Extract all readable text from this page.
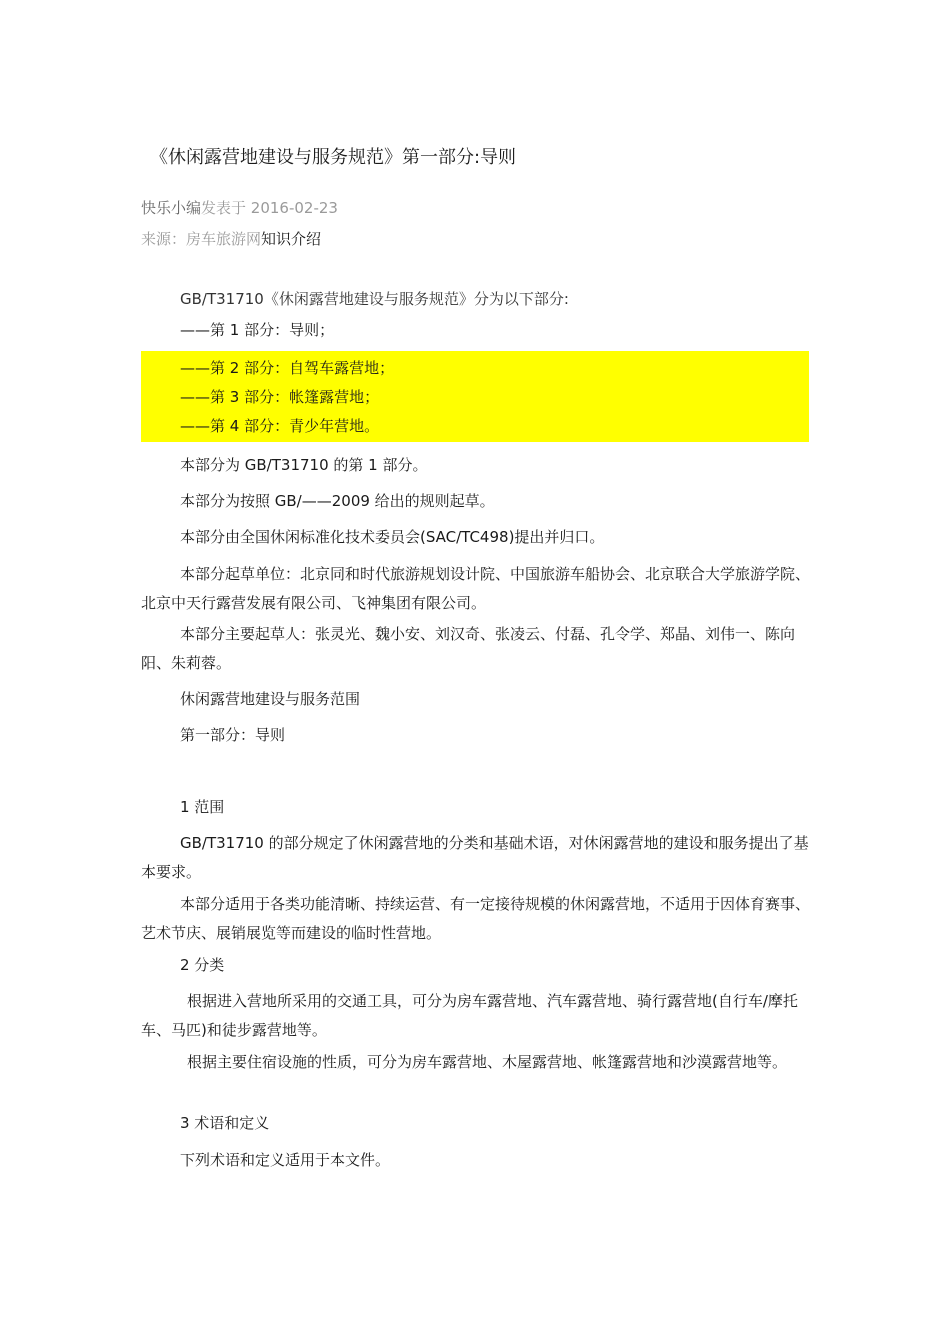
《休闲露营地建设与服务规范》第一部分:导则
快乐小编发表于 2016-02-23
来源：房车旅游网知识介绍
GB/T31710《休闲露营地建设与服务规范》分为以下部分:
——第 1 部分：导则；
——第 2 部分：自驾车露营地；
——第 3 部分：帐篷露营地；
——第 4 部分：青少年营地。
本部分为 GB/T31710 的第 1 部分。
本部分为按照 GB/——2009 给出的规则起草。
本部分由全国休闲标准化技术委员会(SAC/TC498)提出并归口。
本部分起草单位：北京同和时代旅游规划设计院、中国旅游车船协会、北京联合大学旅游学院、北京中天行露营发展有限公司、飞神集团有限公司。
本部分主要起草人：张灵光、魏小安、刘汉奇、张凌云、付磊、孔令学、郑晶、刘伟一、陈向阳、朱莉蓉。
休闲露营地建设与服务范围
第一部分：导则
1 范围
GB/T31710 的部分规定了休闲露营地的分类和基础术语，对休闲露营地的建设和服务提出了基本要求。
本部分适用于各类功能清晰、持续运营、有一定接待规模的休闲露营地，不适用于因体育赛事、艺术节庆、展销展览等而建设的临时性营地。
2 分类
根据进入营地所采用的交通工具，可分为房车露营地、汽车露营地、骑行露营地(自行车/摩托车、马匹)和徒步露营地等。
根据主要住宿设施的性质，可分为房车露营地、木屋露营地、帐篷露营地和沙漠露营地等。
3 术语和定义
下列术语和定义适用于本文件。
